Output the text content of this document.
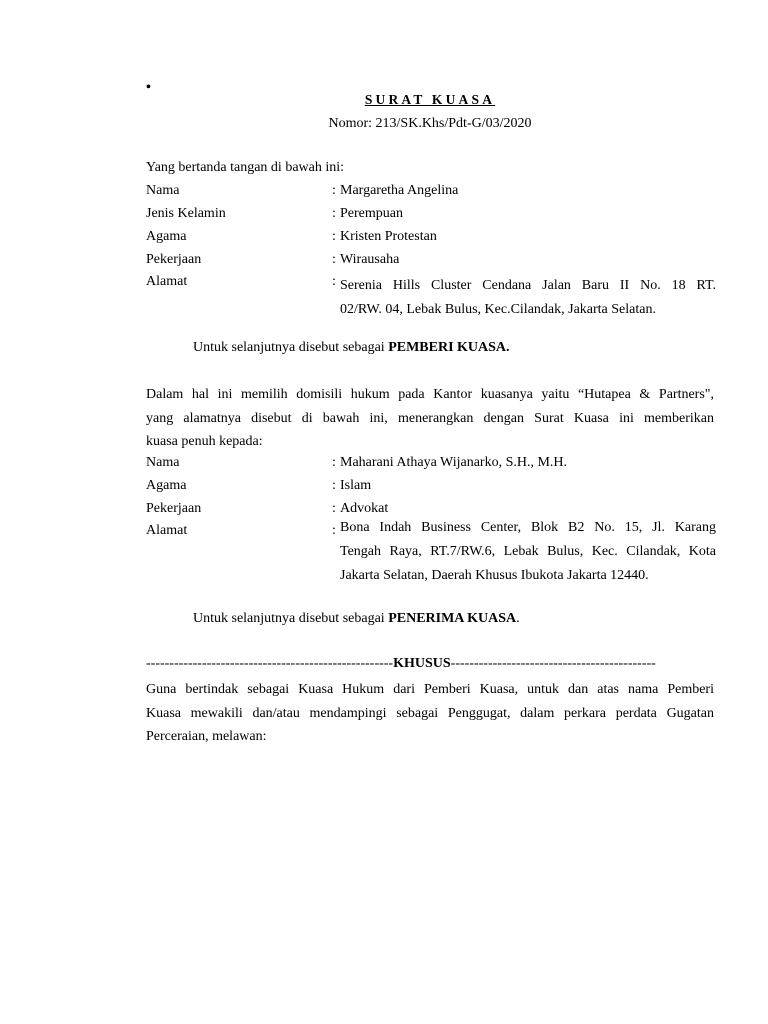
•
SURAT KUASA
Nomor: 213/SK.Khs/Pdt-G/03/2020
Yang bertanda tangan di bawah ini:
Nama	: Margaretha Angelina
Jenis Kelamin	: Perempuan
Agama	: Kristen Protestan
Pekerjaan	: Wirausaha
Alamat	: Serenia Hills Cluster Cendana Jalan Baru II No. 18 RT.
02/RW. 04, Lebak Bulus, Kec.Cilandak, Jakarta Selatan.
Untuk selanjutnya disebut sebagai PEMBERI KUASA.
Dalam hal ini memilih domisili hukum pada Kantor kuasanya yaitu “Hutapea & Partners",
yang alamatnya disebut di bawah ini, menerangkan dengan Surat Kuasa ini memberikan
kuasa penuh kepada:
Nama	: Maharani Athaya Wijanarko, S.H., M.H.
Agama	: Islam
Pekerjaan	: Advokat
Alamat	: Bona Indah Business Center, Blok B2 No. 15, Jl. Karang
Tengah Raya, RT.7/RW.6, Lebak Bulus, Kec. Cilandak, Kota
Jakarta Selatan, Daerah Khusus Ibukota Jakarta 12440.
Untuk selanjutnya disebut sebagai PENERIMA KUASA.
-----------------------------------------------------KHUSUS--------------------------------------------
Guna bertindak sebagai Kuasa Hukum dari Pemberi Kuasa, untuk dan atas nama Pemberi
Kuasa mewakili dan/atau mendampingi sebagai Penggugat, dalam perkara perdata Gugatan
Perceraian, melawan:
